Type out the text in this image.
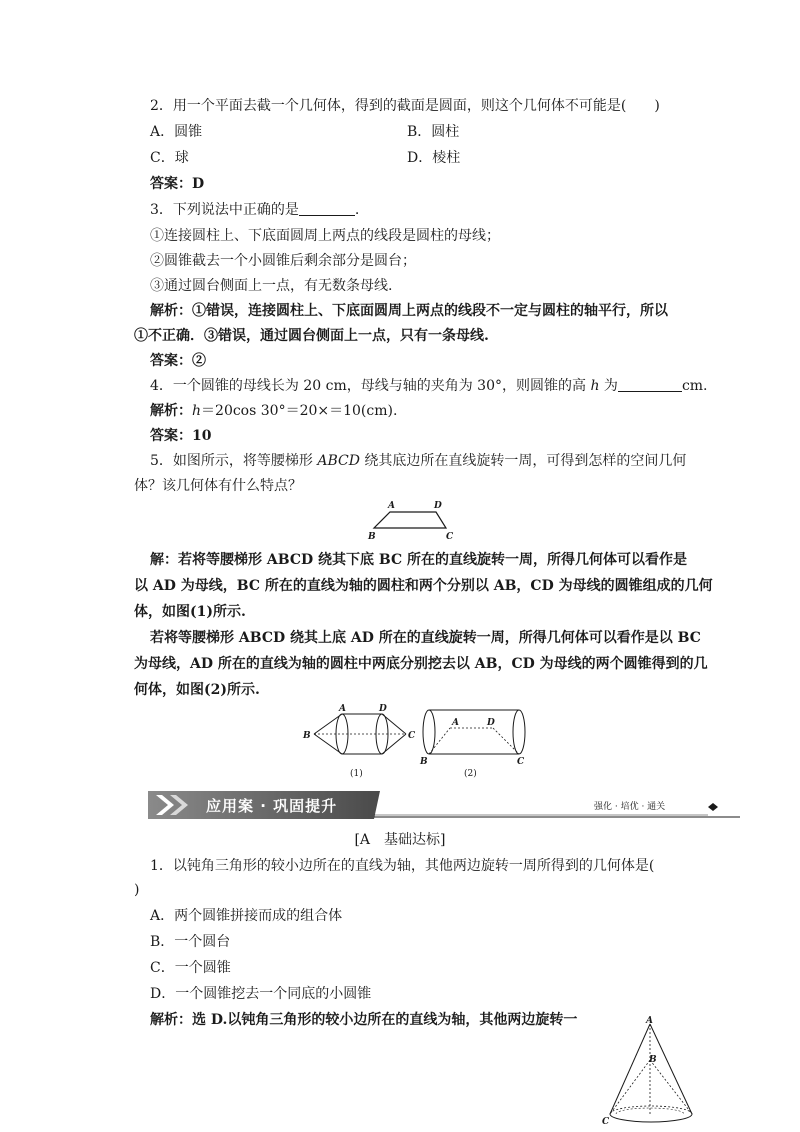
2．用一个平面去截一个几何体，得到的截面是圆面，则这个几何体不可能是(　　)
A．圆锥	B．圆柱
C．球	D．棱柱
答案：D
3．下列说法中正确的是	.
①连接圆柱上、下底面圆周上两点的线段是圆柱的母线；
②圆锥截去一个小圆锥后剩余部分是圆台；
③通过圆台侧面上一点，有无数条母线.
解析：①错误，连接圆柱上、下底面圆周上两点的线段不一定与圆柱的轴平行，所以
①不正确．③错误，通过圆台侧面上一点，只有一条母线.
答案：②
4．一个圆锥的母线长为 20 cm，母线与轴的夹角为 30°，则圆锥的高 h 为	cm.
解析：h＝20cos 30°＝20×＝10(cm).
答案：10
5．如图所示，将等腰梯形 ABCD 绕其底边所在直线旋转一周，可得到怎样的空间几何
体？该几何体有什么特点？
A	D
B	C
解：若将等腰梯形 ABCD 绕其下底 BC 所在的直线旋转一周，所得几何体可以看作是
以 AD 为母线，BC 所在的直线为轴的圆柱和两个分别以 AB，CD 为母线的圆锥组成的几何
体，如图(1)所示.
若将等腰梯形 ABCD 绕其上底 AD 所在的直线旋转一周，所得几何体可以看作是以 BC
为母线，AD 所在的直线为轴的圆柱中两底分别挖去以 AB，CD 为母线的两个圆锥得到的几
何体，如图(2)所示.
A	D
B	C
(1)
A	D
B	C
(2)
应用案 · 巩固提升	强化 · 培优 · 通关
[A　基础达标]
1．以钝角三角形的较小边所在的直线为轴，其他两边旋转一周所得到的几何体是(
)
A．两个圆锥拼接而成的组合体
B．一个圆台
C．一个圆锥
D．一个圆锥挖去一个同底的小圆锥
解析：选 D.以钝角三角形的较小边所在的直线为轴，其他两边旋转一	A
B
C
